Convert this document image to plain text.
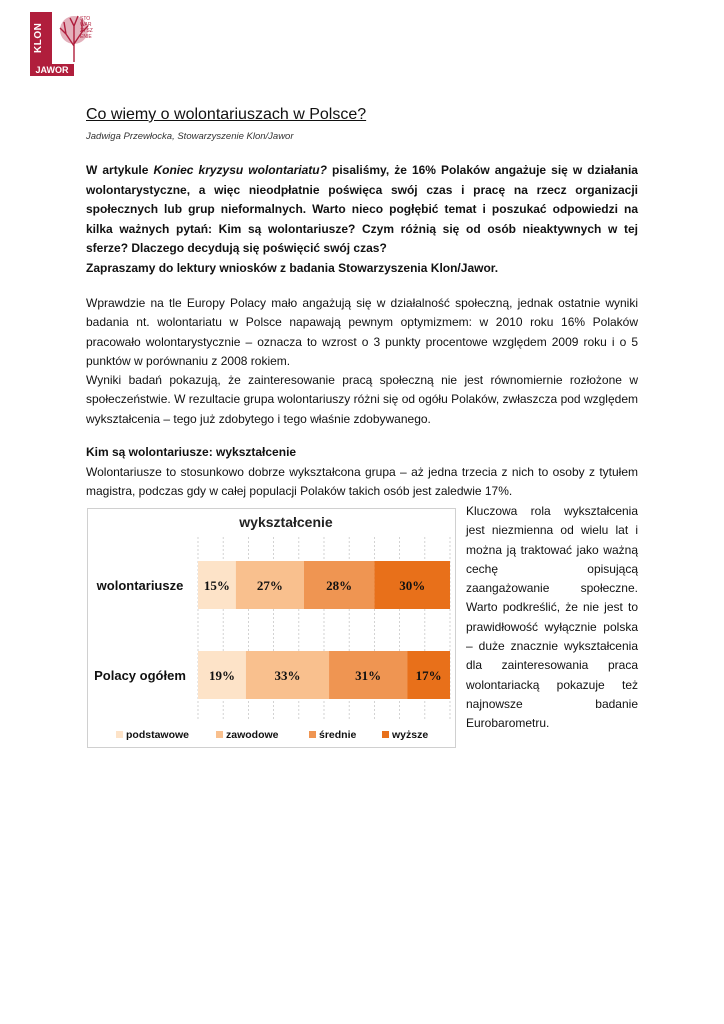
KLON
STOWARZYSZENIE
JAWOR
Co wiemy o wolontariuszach w Polsce?
Jadwiga Przewłocka, Stowarzyszenie Klon/Jawor

W artykule Koniec kryzysu wolontariatu? pisaliśmy, że 16% Polaków angażuje się w działania wolontarystyczne, a więc nieodpłatnie poświęca swój czas i pracę na rzecz organizacji społecznych lub grup nieformalnych. Warto nieco pogłębić temat i poszukać odpowiedzi na kilka ważnych pytań: Kim są wolontariusze? Czym różnią się od osób nieaktywnych w tej sferze? Dlaczego decydują się poświęcić swój czas?

Zapraszamy do lektury wniosków z badania Stowarzyszenia Klon/Jawor.

Wprawdzie na tle Europy Polacy mało angażują się w działalność społeczną, jednak ostatnie wyniki badania nt. wolontariatu w Polsce napawają pewnym optymizmem: w 2010 roku 16% Polaków pracowało wolontarystycznie – oznacza to wzrost o 3 punkty procentowe względem 2009 roku i o 5 punktów w porównaniu z 2008 rokiem.

Wyniki badań pokazują, że zainteresowanie pracą społeczną nie jest równomiernie rozłożone w społeczeństwie. W rezultacie grupa wolontariuszy różni się od ogółu Polaków, zwłaszcza pod względem wykształcenia – tego już zdobytego i tego właśnie zdobywanego.

Kim są wolontariusze: wykształcenie
Wolontariusze to stosunkowo dobrze wykształcona grupa – aż jedna trzecia z nich to osoby z tytułem magistra, podczas gdy w całej populacji Polaków takich osób jest zaledwie 17%.
wykształcenie
wolontariusze 15% 27%	28%	30%
Polacy ogółem 19%	33%	31%	17%
podstawowe	zawodowe	średnie	wyższe
Kluczowa rola wykształcenia jest niezmienna od wielu lat i można ją traktować jako ważną cechę opisującą zaangażowanie społeczne. Warto podkreślić, że nie jest to prawidłowość wyłącznie polska – duże znacznie wykształcenia dla zainteresowania praca wolontariacką pokazuje też najnowsze badanie Eurobarometru.
